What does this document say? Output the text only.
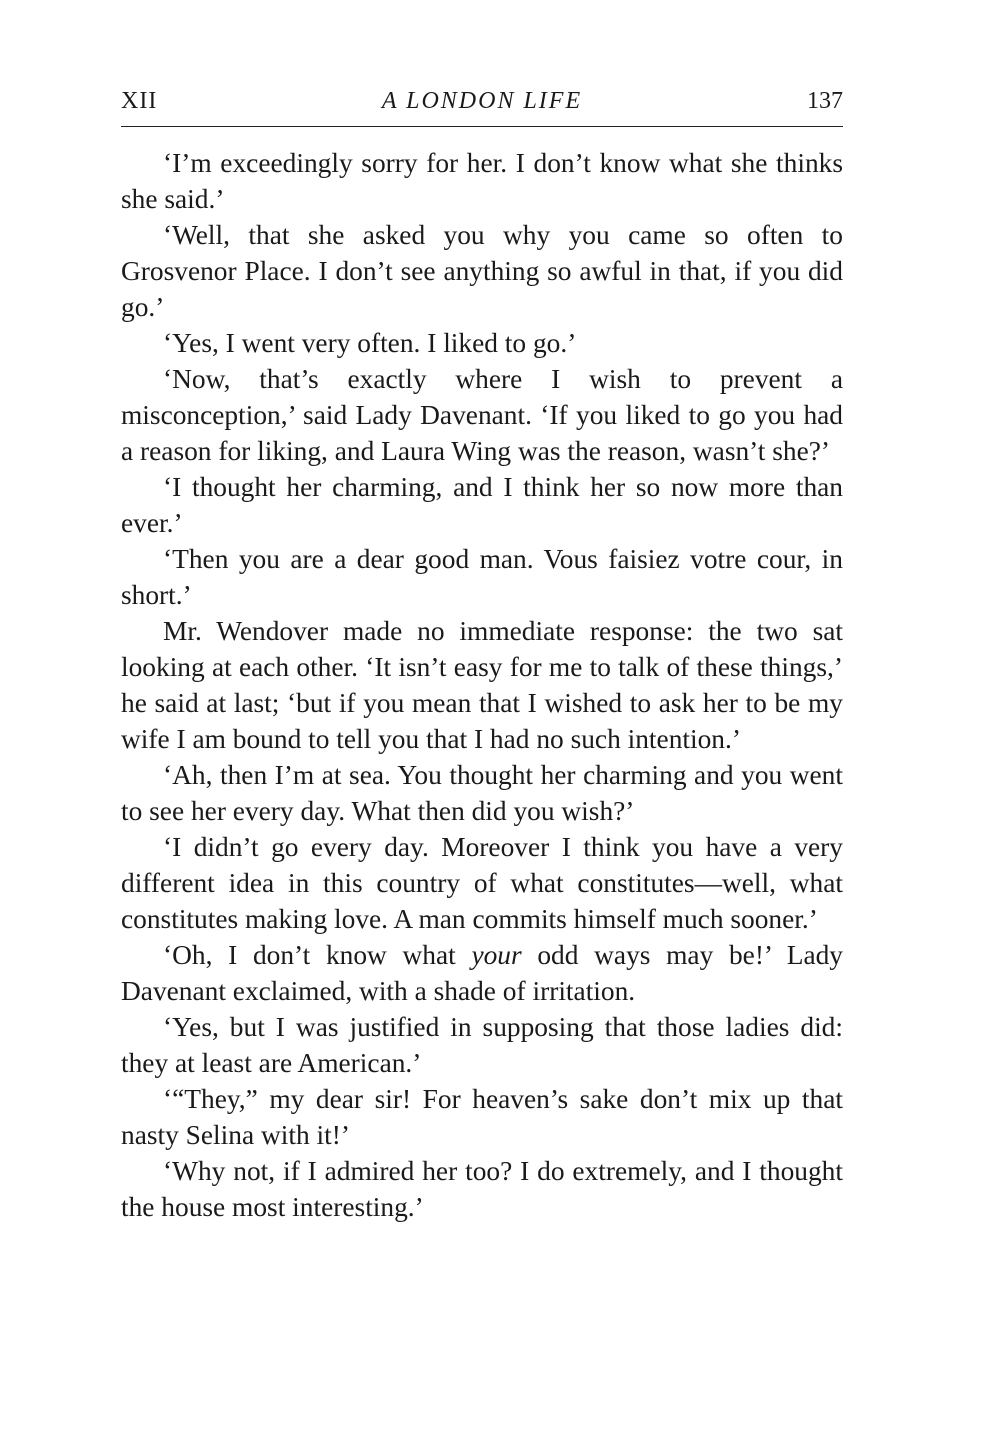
XII	A LONDON LIFE	137

‘I’m exceedingly sorry for her. I don’t know what she thinks she said.’

‘Well, that she asked you why you came so often to Grosvenor Place. I don’t see anything so awful in that, if you did go.’

‘Yes, I went very often. I liked to go.’

‘Now, that’s exactly where I wish to prevent a misconception,’ said Lady Davenant. ‘If you liked to go you had a reason for liking, and Laura Wing was the reason, wasn’t she?’

‘I thought her charming, and I think her so now more than ever.’

‘Then you are a dear good man. Vous faisiez votre cour, in short.’

Mr. Wendover made no immediate response: the two sat looking at each other. ‘It isn’t easy for me to talk of these things,’ he said at last; ‘but if you mean that I wished to ask her to be my wife I am bound to tell you that I had no such intention.’

‘Ah, then I’m at sea. You thought her charming and you went to see her every day. What then did you wish?’

‘I didn’t go every day. Moreover I think you have a very different idea in this country of what constitutes—well, what constitutes making love. A man commits himself much sooner.’

‘Oh, I don’t know what your odd ways may be!’ Lady Davenant exclaimed, with a shade of irritation.

‘Yes, but I was justified in supposing that those ladies did: they at least are American.’

‘“They,” my dear sir! For heaven’s sake don’t mix up that nasty Selina with it!’

‘Why not, if I admired her too? I do extremely, and I thought the house most interesting.’
